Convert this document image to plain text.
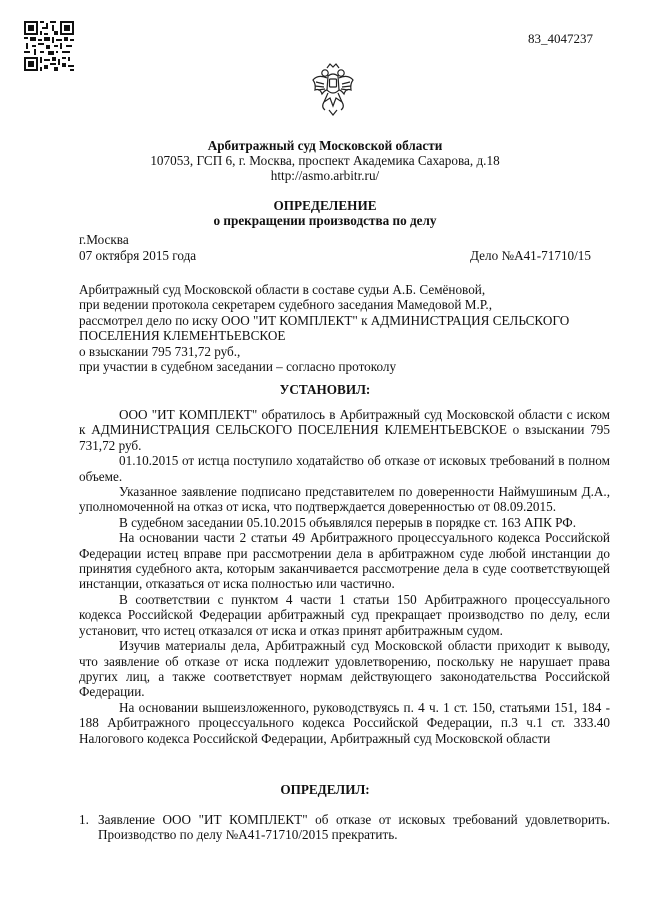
83_4047237
Арбитражный суд Московской области
107053, ГСП 6, г. Москва, проспект Академика Сахарова, д.18
http://asmo.arbitr.ru/
ОПРЕДЕЛЕНИЕ
о прекращении производства по делу
г.Москва
07 октября 2015 года	Дело №А41-71710/15
Арбитражный суд Московской области в составе судьи А.Б. Семёновой,
при ведении протокола секретарем судебного заседания Мамедовой М.Р.,
рассмотрел дело по иску ООО "ИТ КОМПЛЕКТ" к АДМИНИСТРАЦИЯ СЕЛЬСКОГО
ПОСЕЛЕНИЯ КЛЕМЕНТЬЕВСКОЕ
о взыскании 795 731,72 руб.,
при участии в судебном заседании – согласно протоколу
УСТАНОВИЛ:

ООО "ИТ КОМПЛЕКТ" обратилось в Арбитражный суд Московской области с иском к АДМИНИСТРАЦИЯ СЕЛЬСКОГО ПОСЕЛЕНИЯ КЛЕМЕНТЬЕВСКОЕ о взыскании 795 731,72 руб.

01.10.2015 от истца поступило ходатайство об отказе от исковых требований в полном объеме.

Указанное заявление подписано представителем по доверенности Наймушиным Д.А., уполномоченной на отказ от иска, что подтверждается доверенностью от 08.09.2015.

В судебном заседании 05.10.2015 объявлялся перерыв в порядке ст. 163 АПК РФ.

На основании части 2 статьи 49 Арбитражного процессуального кодекса Российской Федерации истец вправе при рассмотрении дела в арбитражном суде любой инстанции до принятия судебного акта, которым заканчивается рассмотрение дела в суде соответствующей инстанции, отказаться от иска полностью или частично.

В соответствии с пунктом 4 части 1 статьи 150 Арбитражного процессуального кодекса Российской Федерации арбитражный суд прекращает производство по делу, если установит, что истец отказался от иска и отказ принят арбитражным судом.

Изучив материалы дела, Арбитражный суд Московской области приходит к выводу, что заявление об отказе от иска подлежит удовлетворению, поскольку не нарушает права других лиц, а также соответствует нормам действующего законодательства Российской Федерации.

На основании вышеизложенного, руководствуясь п. 4 ч. 1 ст. 150, статьями 151, 184 - 188 Арбитражного процессуального кодекса Российской Федерации, п.3 ч.1 ст. 333.40 Налогового кодекса Российской Федерации, Арбитражный суд Московской области

ОПРЕДЕЛИЛ:
1. Заявление ООО "ИТ КОМПЛЕКТ" об отказе от исковых требований удовлетворить. Производство по делу №А41-71710/2015 прекратить.
